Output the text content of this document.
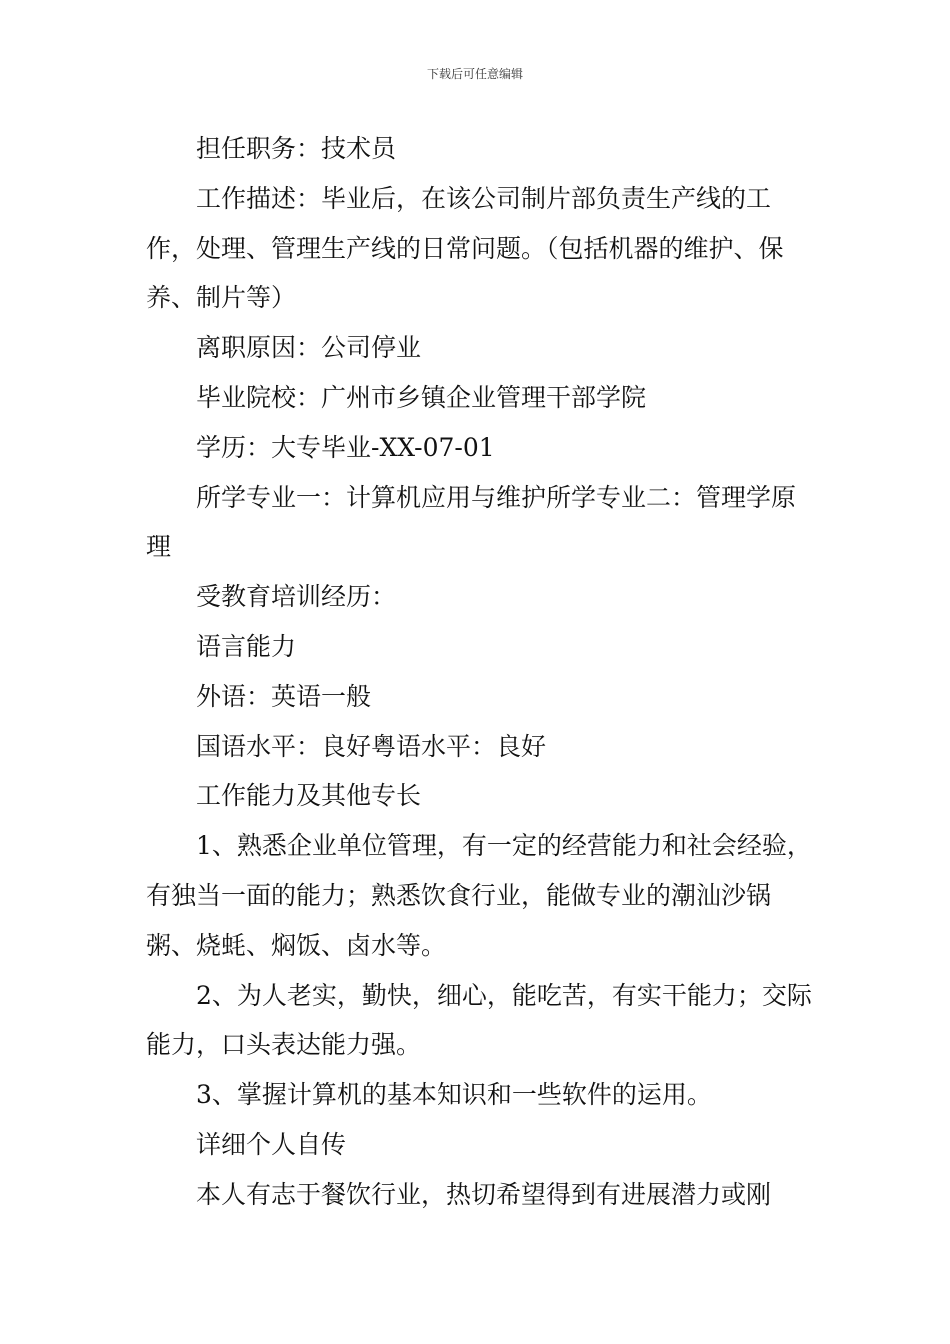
下载后可任意编辑

担任职务：技术员

工作描述：毕业后，在该公司制片部负责生产线的工作，处理、管理生产线的日常问题。（包括机器的维护、保养、制片等）

离职原因：公司停业

毕业院校：广州市乡镇企业管理干部学院

学历：大专毕业-XX-07-01

所学专业一：计算机应用与维护所学专业二：管理学原理

受教育培训经历：

语言能力

外语：英语一般

国语水平：良好粤语水平：良好

工作能力及其他专长

1、熟悉企业单位管理，有一定的经营能力和社会经验，有独当一面的能力；熟悉饮食行业，能做专业的潮汕沙锅粥、烧蚝、焖饭、卤水等。

2、为人老实，勤快，细心，能吃苦，有实干能力；交际能力，口头表达能力强。

3、掌握计算机的基本知识和一些软件的运用。

详细个人自传

本人有志于餐饮行业，热切希望得到有进展潜力或刚
